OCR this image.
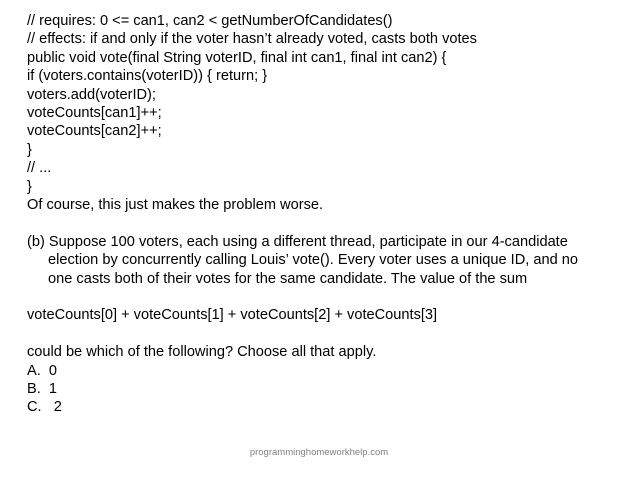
// requires: 0 <= can1, can2 < getNumberOfCandidates()
// effects: if and only if the voter hasn’t already voted, casts both votes
public void vote(final String voterID, final int can1, final int can2) {
if (voters.contains(voterID)) { return; }
voters.add(voterID);
voteCounts[can1]++;
voteCounts[can2]++;
}
// ...
}
Of course, this just makes the problem worse.
(b) Suppose 100 voters, each using a different thread, participate in our 4-candidate
election by concurrently calling Louis’ vote(). Every voter uses a unique ID, and no
one casts both of their votes for the same candidate. The value of the sum
voteCounts[0] + voteCounts[1] + voteCounts[2] + voteCounts[3]
could be which of the following? Choose all that apply.
A.  0
B.  1
C.   2
programminghomeworkhelp.com
